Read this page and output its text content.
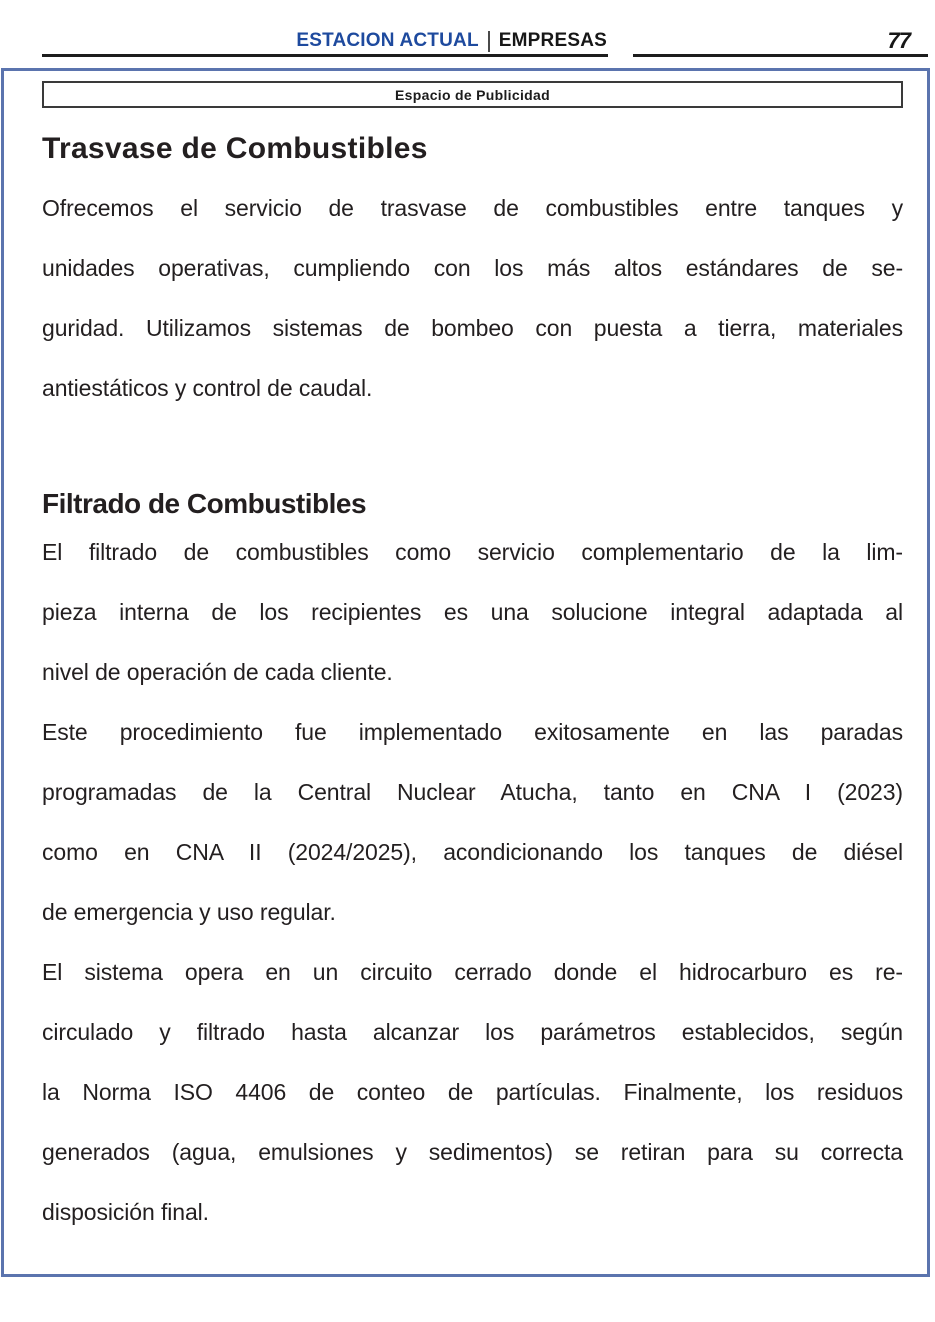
ESTACION ACTUAL EMPRESAS	77
Espacio de Publicidad
Trasvase de Combustibles
Ofrecemos el servicio de trasvase de combustibles entre tanques y
unidades operativas, cumpliendo con los más altos estándares de se-
guridad. Utilizamos sistemas de bombeo con puesta a tierra, materiales
antiestáticos y control de caudal.
Filtrado de Combustibles
El filtrado de combustibles como servicio complementario de la lim-
pieza interna de los recipientes es una solucione integral adaptada al
nivel de operación de cada cliente.
Este procedimiento fue implementado exitosamente en las paradas
programadas de la Central Nuclear Atucha, tanto en CNA I (2023)
como en CNA II (2024/2025), acondicionando los tanques de diésel
de emergencia y uso regular.
El sistema opera en un circuito cerrado donde el hidrocarburo es re-
circulado y filtrado hasta alcanzar los parámetros establecidos, según
la Norma ISO 4406 de conteo de partículas. Finalmente, los residuos
generados (agua, emulsiones y sedimentos) se retiran para su correcta
disposición final.
